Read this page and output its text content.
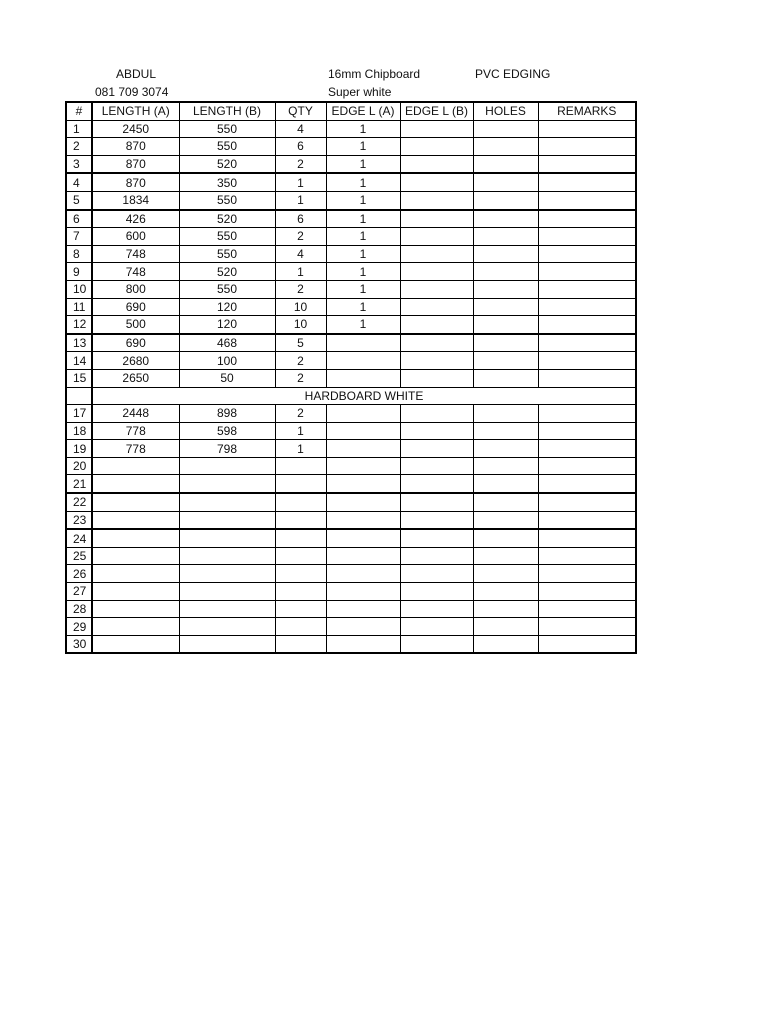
ABDUL
081 709 3074
16mm Chipboard
Super white
PVC EDGING
#	LENGTH (A)	LENGTH (B)	QTY	EDGE L (A)	EDGE L (B)	HOLES	REMARKS
1	2450	550	4	1			
2	870	550	6	1			
3	870	520	2	1			
4	870	350	1	1			
5	1834	550	1	1			
6	426	520	6	1			
7	600	550	2	1			
8	748	550	4	1			
9	748	520	1	1			
10	800	550	2	1			
11	690	120	10	1			
12	500	120	10	1			
13	690	468	5				
14	2680	100	2				
15	2650	50	2				
	HARDBOARD WHITE						
17	2448	898	2				
18	778	598	1				
19	778	798	1				
20							
21							
22							
23							
24							
25							
26							
27							
28							
29							
30							
